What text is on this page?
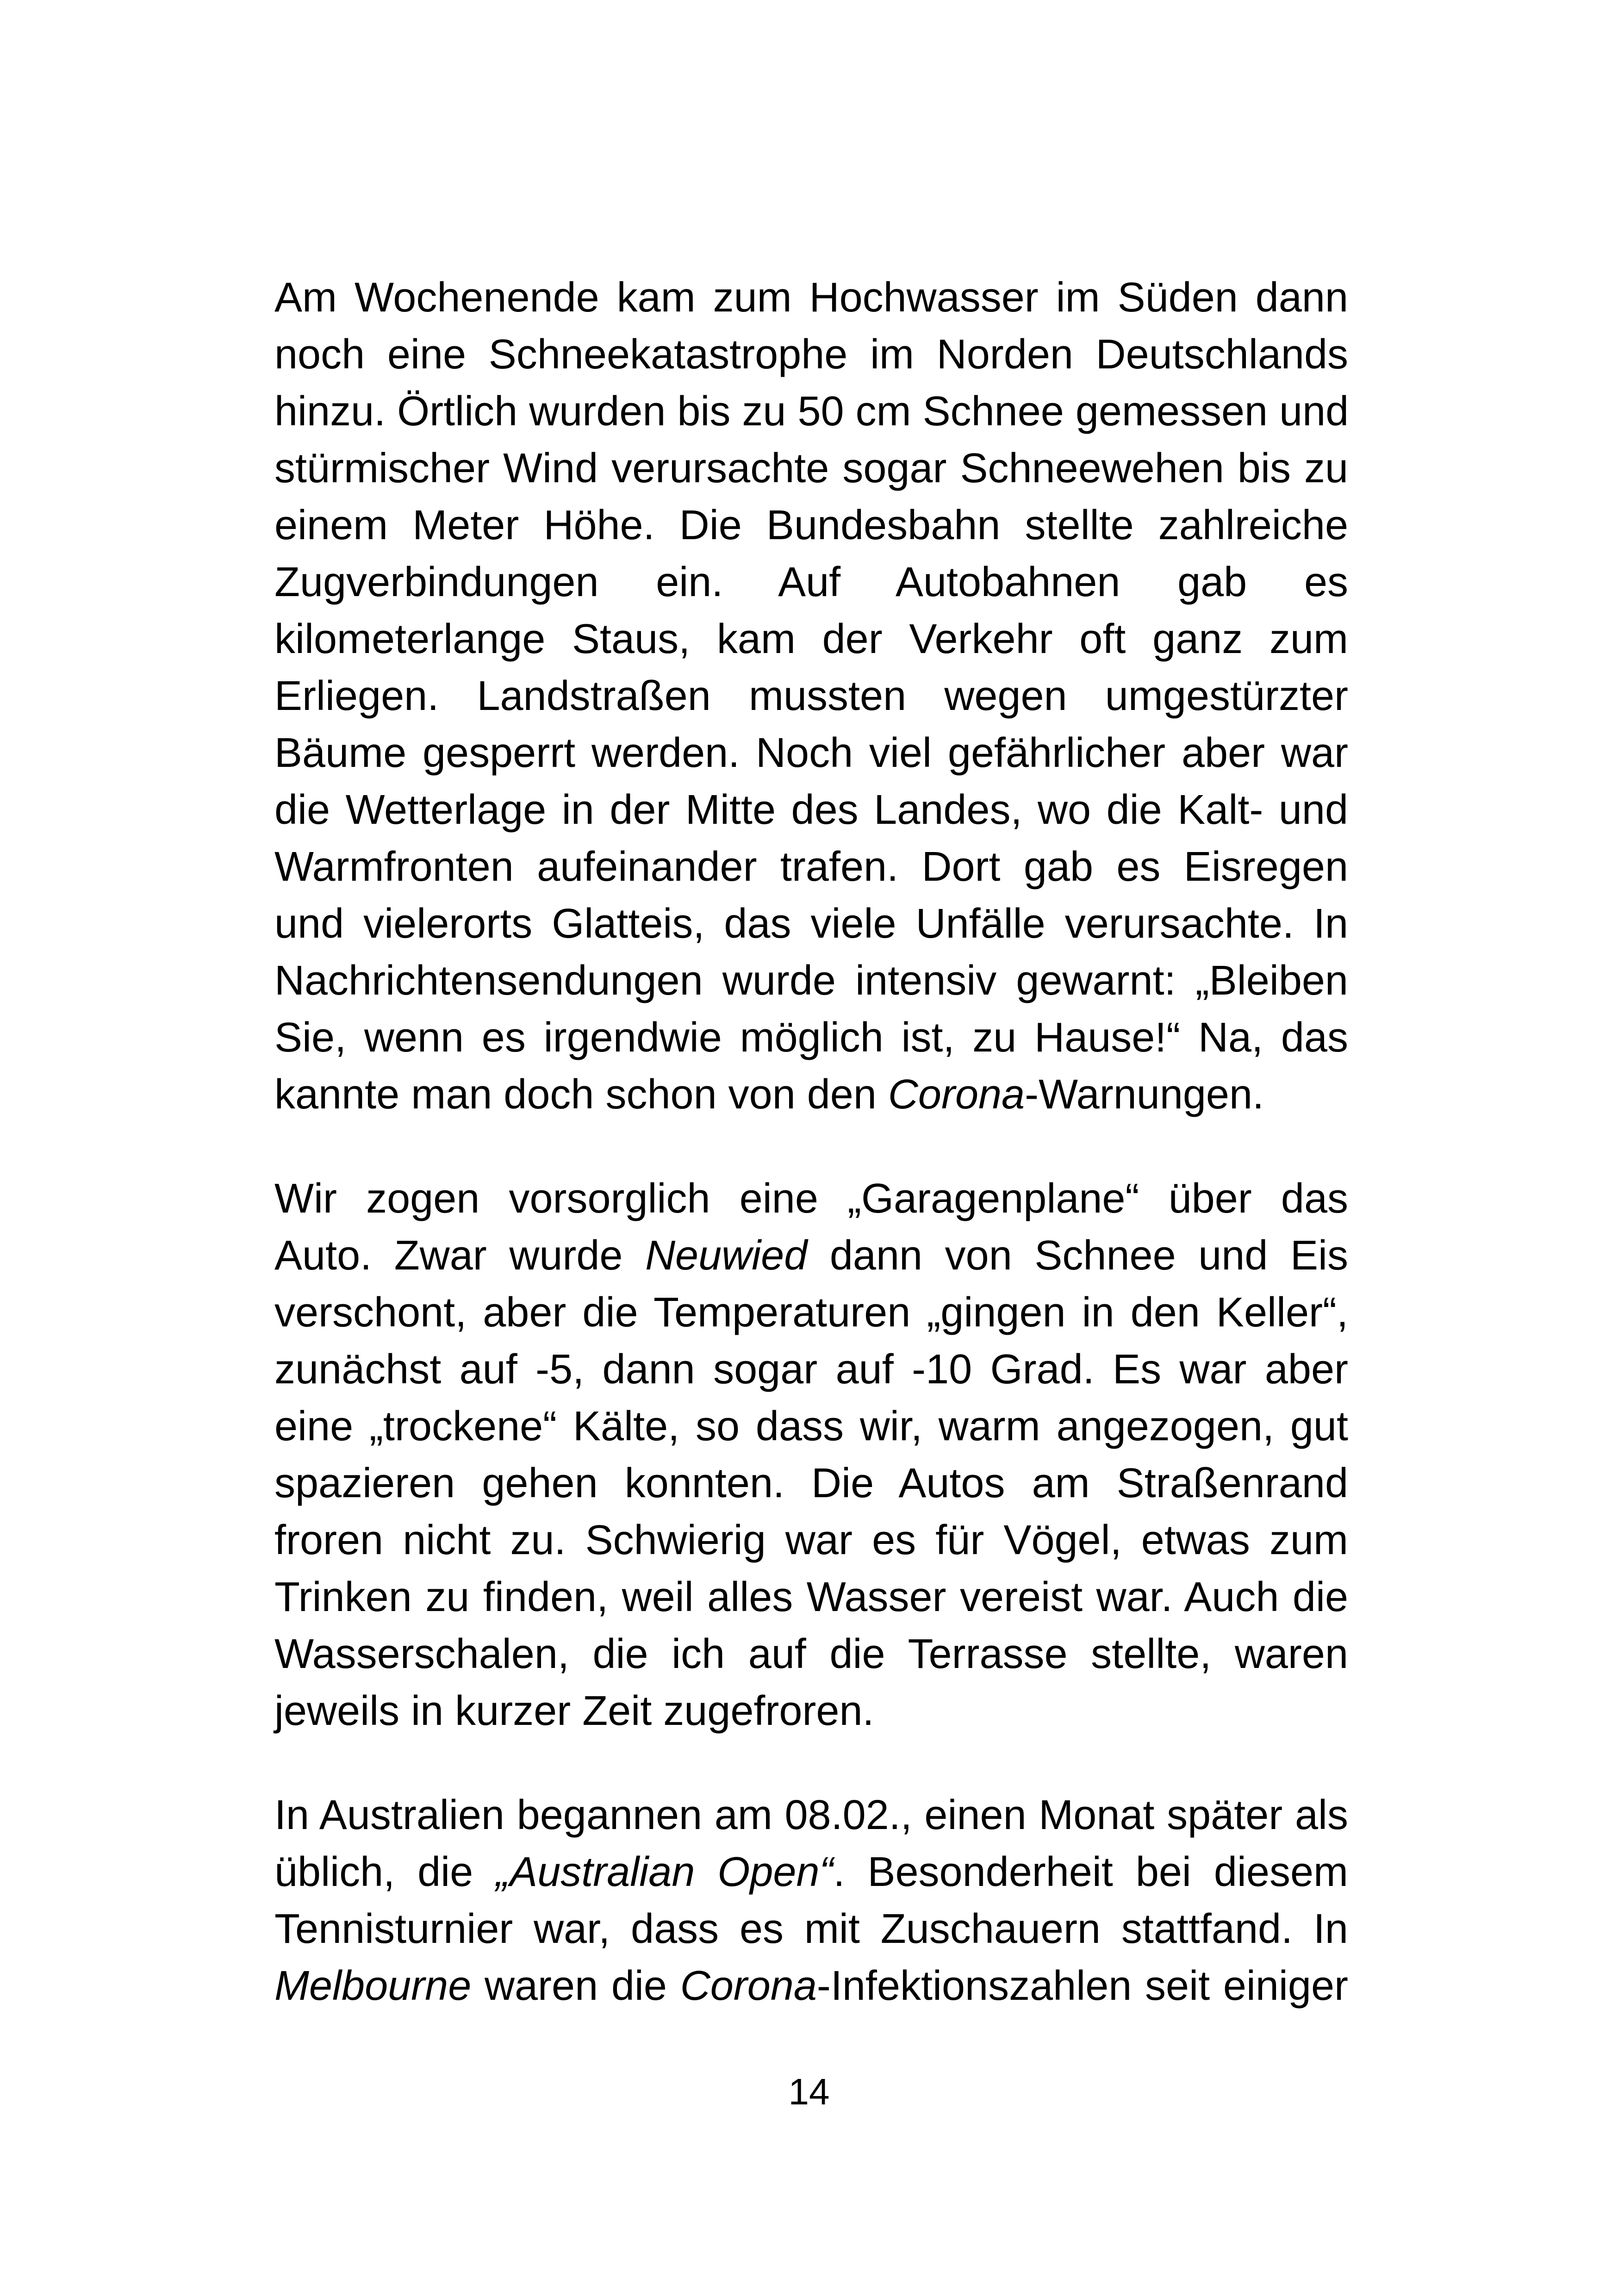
Am Wochenende kam zum Hochwasser im Süden dann
noch eine Schneekatastrophe im Norden Deutschlands
hinzu. Örtlich wurden bis zu 50 cm Schnee gemessen und
stürmischer Wind verursachte sogar Schneewehen bis zu
einem Meter Höhe. Die Bundesbahn stellte zahlreiche
Zugverbindungen ein. Auf Autobahnen gab es
kilometerlange Staus, kam der Verkehr oft ganz zum
Erliegen. Landstraßen mussten wegen umgestürzter
Bäume gesperrt werden. Noch viel gefährlicher aber war
die Wetterlage in der Mitte des Landes, wo die Kalt- und
Warmfronten aufeinander trafen. Dort gab es Eisregen
und vielerorts Glatteis, das viele Unfälle verursachte. In
Nachrichtensendungen wurde intensiv gewarnt: „Bleiben
Sie, wenn es irgendwie möglich ist, zu Hause!“ Na, das
kannte man doch schon von den Corona-Warnungen.
Wir zogen vorsorglich eine „Garagenplane“ über das
Auto. Zwar wurde Neuwied dann von Schnee und Eis
verschont, aber die Temperaturen „gingen in den Keller“,
zunächst auf -5, dann sogar auf -10 Grad. Es war aber
eine „trockene“ Kälte, so dass wir, warm angezogen, gut
spazieren gehen konnten. Die Autos am Straßenrand
froren nicht zu. Schwierig war es für Vögel, etwas zum
Trinken zu finden, weil alles Wasser vereist war. Auch die
Wasserschalen, die ich auf die Terrasse stellte, waren
jeweils in kurzer Zeit zugefroren.
In Australien begannen am 08.02., einen Monat später als
üblich, die „Australian Open“. Besonderheit bei diesem
Tennisturnier war, dass es mit Zuschauern stattfand. In
Melbourne waren die Corona-Infektionszahlen seit einiger
14
